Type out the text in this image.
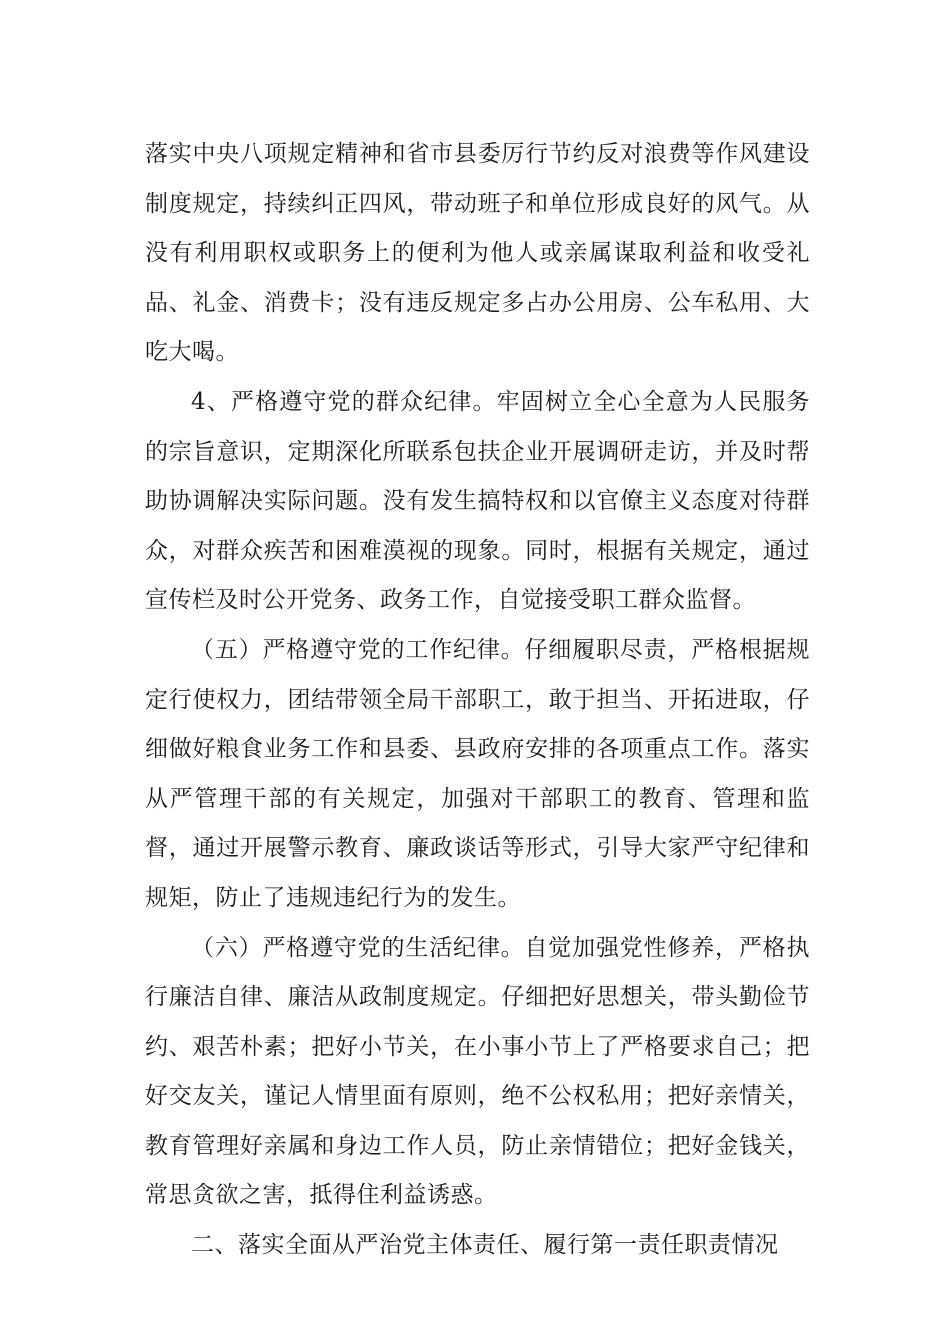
落实中央八项规定精神和省市县委厉行节约反对浪费等作风建设制度规定，持续纠正四风，带动班子和单位形成良好的风气。从没有利用职权或职务上的便利为他人或亲属谋取利益和收受礼品、礼金、消费卡；没有违反规定多占办公用房、公车私用、大吃大喝。

4、严格遵守党的群众纪律。牢固树立全心全意为人民服务的宗旨意识，定期深化所联系包扶企业开展调研走访，并及时帮助协调解决实际问题。没有发生搞特权和以官僚主义态度对待群众，对群众疾苦和困难漠视的现象。同时，根据有关规定，通过宣传栏及时公开党务、政务工作，自觉接受职工群众监督。

（五）严格遵守党的工作纪律。仔细履职尽责，严格根据规定行使权力，团结带领全局干部职工，敢于担当、开拓进取，仔细做好粮食业务工作和县委、县政府安排的各项重点工作。落实从严管理干部的有关规定，加强对干部职工的教育、管理和监督，通过开展警示教育、廉政谈话等形式，引导大家严守纪律和规矩，防止了违规违纪行为的发生。

（六）严格遵守党的生活纪律。自觉加强党性修养，严格执行廉洁自律、廉洁从政制度规定。仔细把好思想关，带头勤俭节约、艰苦朴素；把好小节关，在小事小节上了严格要求自己；把好交友关，谨记人情里面有原则，绝不公权私用；把好亲情关，教育管理好亲属和身边工作人员，防止亲情错位；把好金钱关，常思贪欲之害，抵得住利益诱惑。

二、落实全面从严治党主体责任、履行第一责任职责情况
